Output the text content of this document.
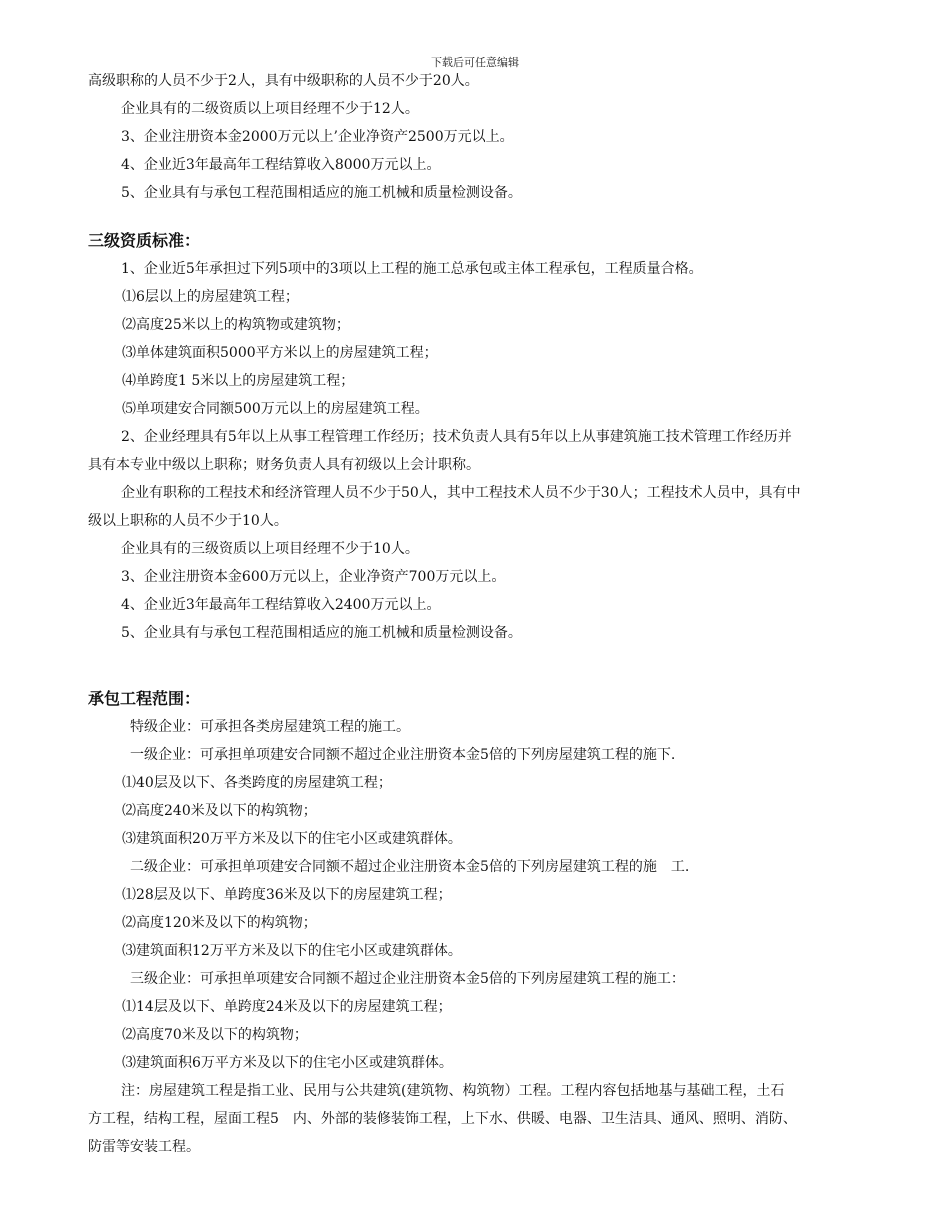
下载后可任意编辑
高级职称的人员不少于2人，具有中级职称的人员不少于20人。
企业具有的二级资质以上项目经理不少于12人。
3、企业注册资本金2000万元以上’企业净资产2500万元以上。
4、企业近3年最高年工程结算收入8000万元以上。
5、企业具有与承包工程范围相适应的施工机械和质量检测设备。
三级资质标准：
1、企业近5年承担过下列5项中的3项以上工程的施工总承包或主体工程承包，工程质量合格。
⑴6层以上的房屋建筑工程；
⑵高度25米以上的构筑物或建筑物；
⑶单体建筑面积5000平方米以上的房屋建筑工程；
⑷单跨度1 5米以上的房屋建筑工程；
⑸单项建安合同额500万元以上的房屋建筑工程。
2、企业经理具有5年以上从事工程管理工作经历；技术负责人具有5年以上从事建筑施工技术管理工作经历并
具有本专业中级以上职称；财务负责人具有初级以上会计职称。
企业有职称的工程技术和经济管理人员不少于50人，其中工程技术人员不少于30人；工程技术人员中，具有中
级以上职称的人员不少于10人。
企业具有的三级资质以上项目经理不少于10人。
3、企业注册资本金600万元以上，企业净资产700万元以上。
4、企业近3年最高年工程结算收入2400万元以上。
5、企业具有与承包工程范围相适应的施工机械和质量检测设备。
承包工程范围：
特级企业：可承担各类房屋建筑工程的施工。
一级企业：可承担单项建安合同额不超过企业注册资本金5倍的下列房屋建筑工程的施下.
⑴40层及以下、各类跨度的房屋建筑工程；
⑵高度240米及以下的构筑物；
⑶建筑面积20万平方米及以下的住宅小区或建筑群体。
二级企业：可承担单项建安合同额不超过企业注册资本金5倍的下列房屋建筑工程的施　工.
⑴28层及以下、单跨度36米及以下的房屋建筑工程；
⑵高度120米及以下的构筑物；
⑶建筑面积12万平方米及以下的住宅小区或建筑群体。
三级企业：可承担单项建安合同额不超过企业注册资本金5倍的下列房屋建筑工程的施工：
⑴14层及以下、单跨度24米及以下的房屋建筑工程；
⑵高度70米及以下的构筑物；
⑶建筑面积6万平方米及以下的住宅小区或建筑群体。
注：房屋建筑工程是指工业、民用与公共建筑(建筑物、构筑物）工程。工程内容包括地基与基础工程，土石
方工程，结构工程，屋面工程5　内、外部的装修装饰工程，上下水、供暖、电器、卫生洁具、通风、照明、消防、
防雷等安装工程。
